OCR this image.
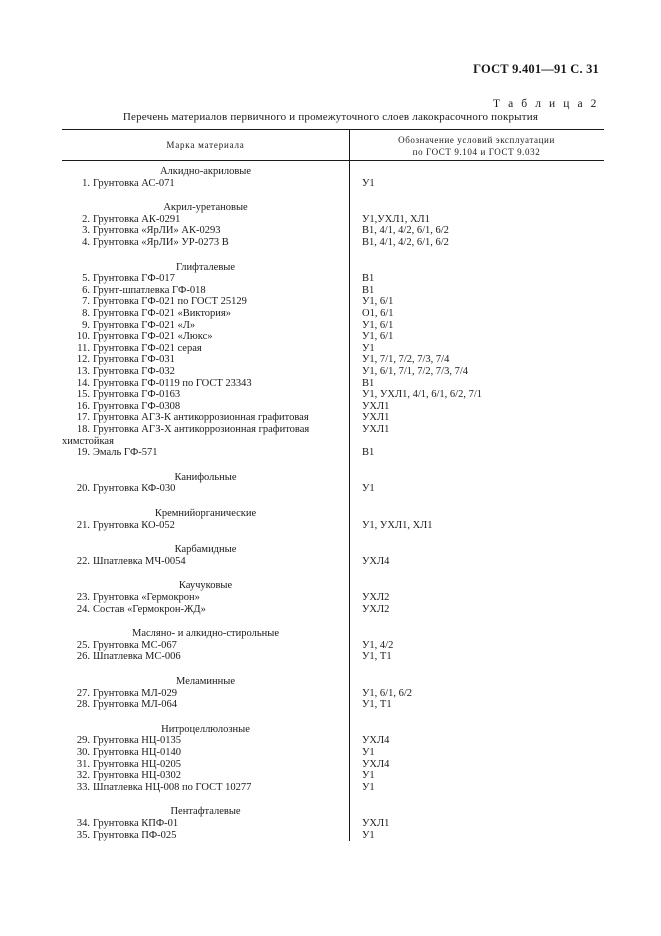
ГОСТ 9.401—91 С. 31
Т а б л и ц а 2
Перечень материалов первичного и промежуточного слоев лакокрасочного покрытия
Марка материала	Обозначение условий эксплуатации
по ГОСТ 9.104 и ГОСТ 9.032
Алкидно-акриловые
1. Грунтовка АС-071	У1
Акрил-уретановые
2. Грунтовка АК-0291	У1,УХЛ1, ХЛ1
3. Грунтовка «ЯрЛИ» АК-0293	В1, 4/1, 4/2, 6/1, 6/2
4. Грунтовка «ЯрЛИ» УР-0273 В	В1, 4/1, 4/2, 6/1, 6/2
Глифталевые
5. Грунтовка ГФ-017	В1
6. Грунт-шпатлевка ГФ-018	В1
7. Грунтовка ГФ-021 по ГОСТ 25129	У1, 6/1
8. Грунтовка ГФ-021 «Виктория»	О1, 6/1
9. Грунтовка ГФ-021 «Л»	У1, 6/1
10. Грунтовка ГФ-021 «Люкс»	У1, 6/1
11. Грунтовка ГФ-021 серая	У1
12. Грунтовка ГФ-031	У1, 7/1, 7/2, 7/3, 7/4
13. Грунтовка ГФ-032	У1, 6/1, 7/1, 7/2, 7/3, 7/4
14. Грунтовка ГФ-0119 по ГОСТ 23343	В1
15. Грунтовка ГФ-0163	У1, УХЛ1, 4/1, 6/1, 6/2, 7/1
16. Грунтовка ГФ-0308	УХЛ1
17. Грунтовка АГЗ-К антикоррозионная графитовая	УХЛ1
18. Грунтовка АГЗ-Х антикоррозионная графитовая	УХЛ1
химстойкая
19. Эмаль ГФ-571	В1
Канифольные
20. Грунтовка КФ-030	У1
Кремнийорганические
21. Грунтовка КО-052	У1, УХЛ1, ХЛ1
Карбамидные
22. Шпатлевка МЧ-0054	УХЛ4
Каучуковые
23. Грунтовка «Гермокрон»	УХЛ2
24. Состав «Гермокрон-ЖД»	УХЛ2
Масляно- и алкидно-стирольные
25. Грунтовка МС-067	У1, 4/2
26. Шпатлевка МС-006	У1, Т1
Меламинные
27. Грунтовка МЛ-029	У1, 6/1, 6/2
28. Грунтовка МЛ-064	У1, Т1
Нитроцеллюлозные
29. Грунтовка НЦ-0135	УХЛ4
30. Грунтовка НЦ-0140	У1
31. Грунтовка НЦ-0205	УХЛ4
32. Грунтовка НЦ-0302	У1
33. Шпатлевка НЦ-008 по ГОСТ 10277	У1
Пентафталевые
34. Грунтовка КПФ-01	УХЛ1
35. Грунтовка ПФ-025	У1
